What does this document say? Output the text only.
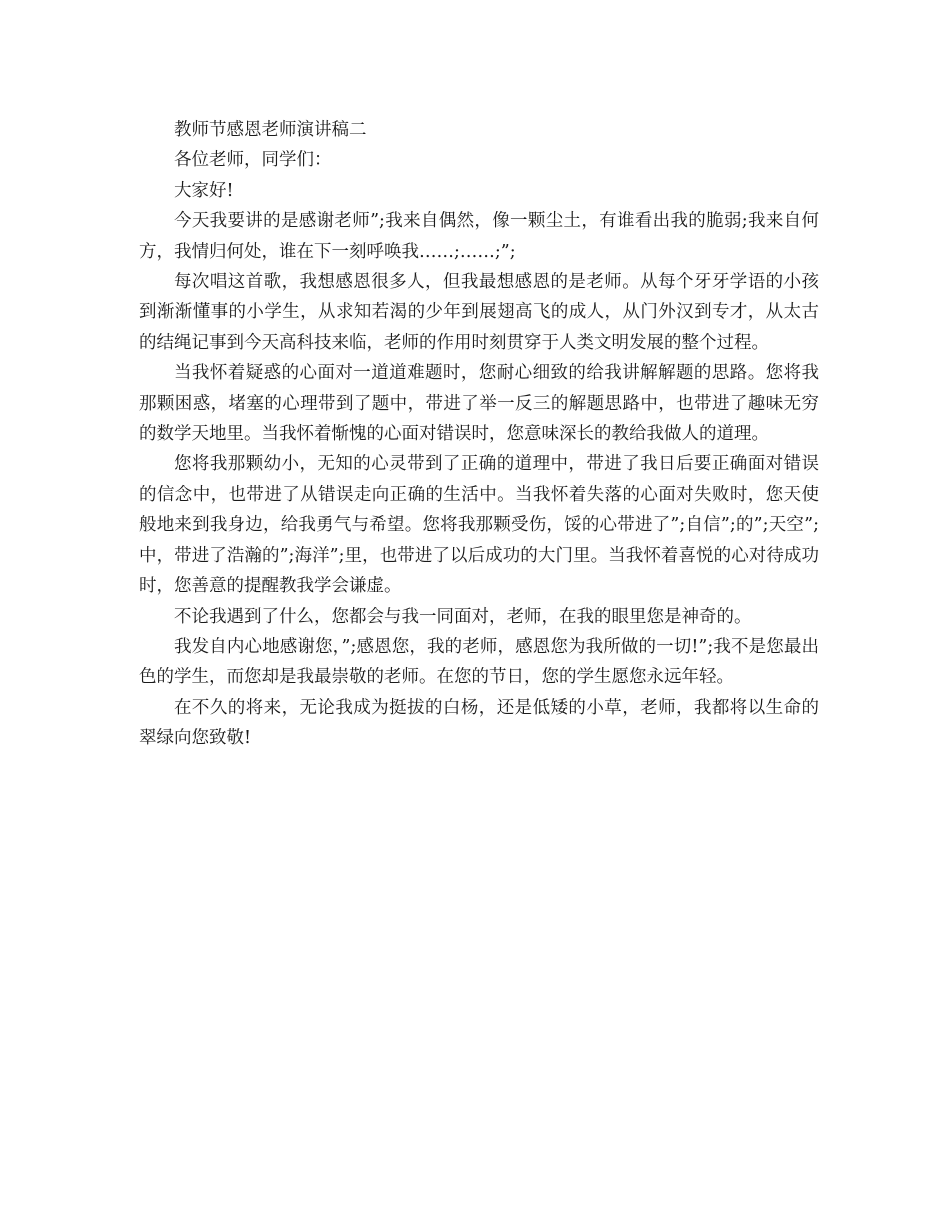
教师节感恩老师演讲稿二

各位老师，同学们：

大家好!

今天我要讲的是感谢老师”;我来自偶然，像一颗尘土，有谁看出我的脆弱;我来自何方，我情归何处，谁在下一刻呼唤我……;……;”;

每次唱这首歌，我想感恩很多人，但我最想感恩的是老师。从每个牙牙学语的小孩到渐渐懂事的小学生，从求知若渴的少年到展翅高飞的成人，从门外汉到专才，从太古的结绳记事到今天高科技来临，老师的作用时刻贯穿于人类文明发展的整个过程。

当我怀着疑惑的心面对一道道难题时，您耐心细致的给我讲解解题的思路。您将我那颗困惑，堵塞的心理带到了题中，带进了举一反三的解题思路中，也带进了趣味无穷的数学天地里。当我怀着惭愧的心面对错误时，您意味深长的教给我做人的道理。

您将我那颗幼小，无知的心灵带到了正确的道理中，带进了我日后要正确面对错误的信念中，也带进了从错误走向正确的生活中。当我怀着失落的心面对失败时，您天使般地来到我身边，给我勇气与希望。您将我那颗受伤，馁的心带进了”;自信”;的”;天空”;中，带进了浩瀚的”;海洋”;里，也带进了以后成功的大门里。当我怀着喜悦的心对待成功时，您善意的提醒教我学会谦虚。

不论我遇到了什么，您都会与我一同面对，老师，在我的眼里您是神奇的。

我发自内心地感谢您，”;感恩您，我的老师，感恩您为我所做的一切!”;我不是您最出色的学生，而您却是我最崇敬的老师。在您的节日，您的学生愿您永远年轻。

在不久的将来，无论我成为挺拔的白杨，还是低矮的小草，老师，我都将以生命的翠绿向您致敬!
